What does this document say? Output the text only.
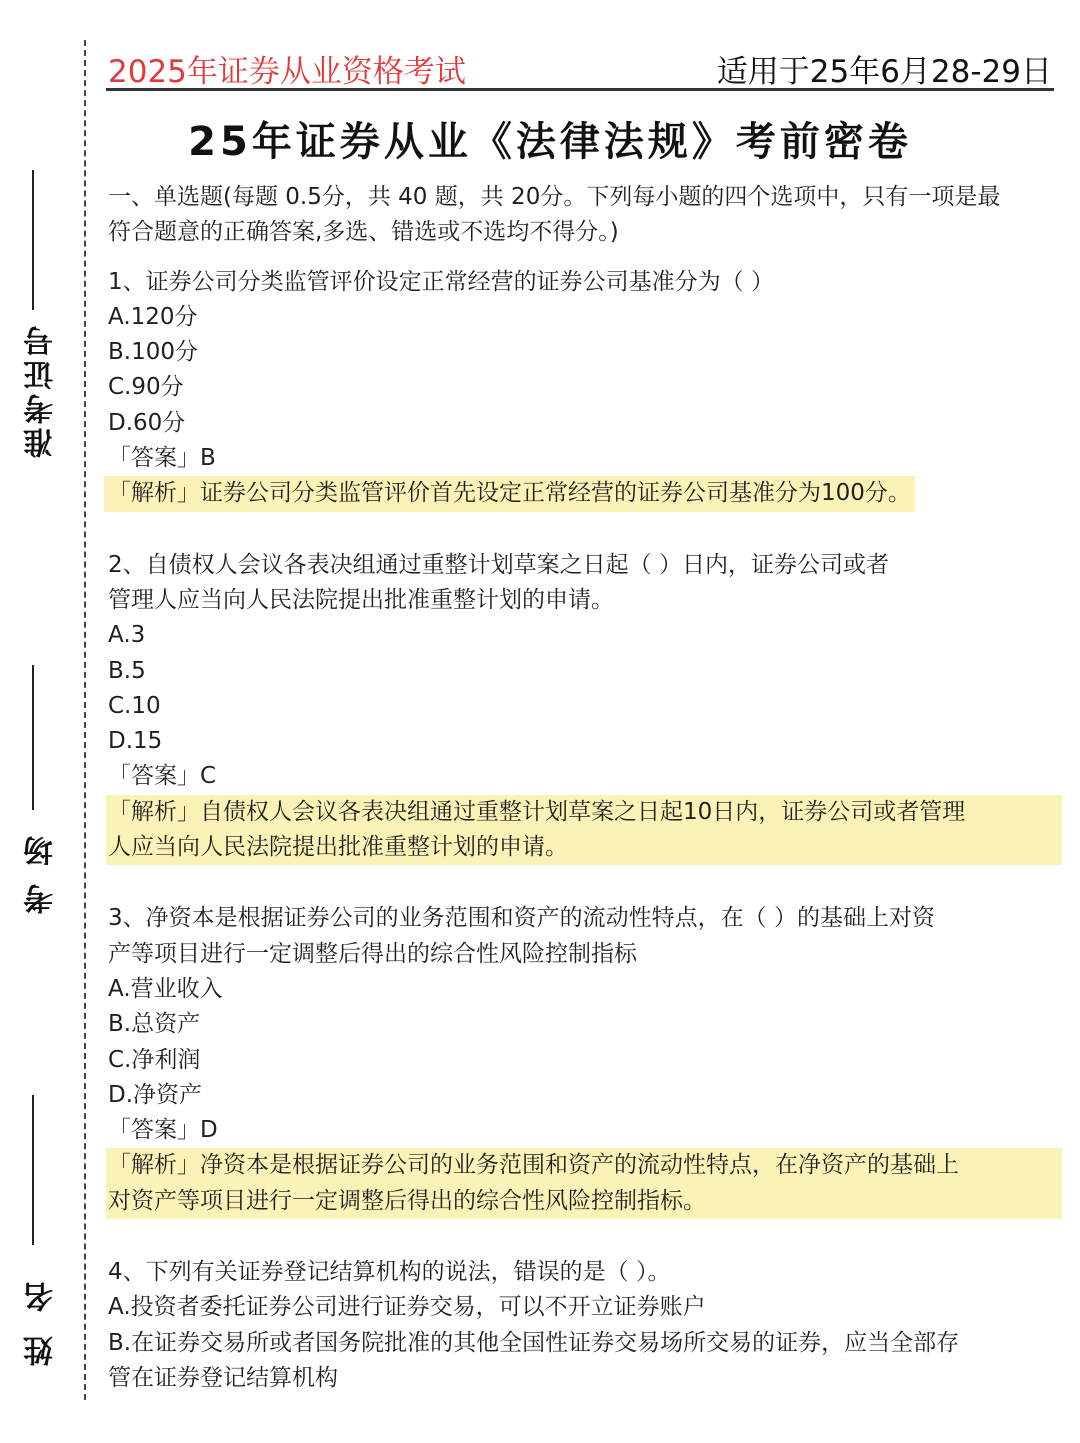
准考证号
考场
姓名
2025年证券从业资格考试	适用于25年6月28-29日
25年证券从业《法律法规》考前密卷
一、单选题(每题 0.5分，共 40 题，共 20分。下列每小题的四个选项中，只有一项是最
符合题意的正确答案,多选、错选或不选均不得分。)
1、证券公司分类监管评价设定正常经营的证券公司基准分为（ ）
A.120分
B.100分
C.90分
D.60分
「答案」B
「解析」证券公司分类监管评价首先设定正常经营的证券公司基准分为100分。
2、自债权人会议各表决组通过重整计划草案之日起（ ）日内，证券公司或者
管理人应当向人民法院提出批准重整计划的申请。
A.3
B.5
C.10
D.15
「答案」C
「解析」自债权人会议各表决组通过重整计划草案之日起10日内，证券公司或者管理
人应当向人民法院提出批准重整计划的申请。
3、净资本是根据证券公司的业务范围和资产的流动性特点，在（ ）的基础上对资
产等项目进行一定调整后得出的综合性风险控制指标
A.营业收入
B.总资产
C.净利润
D.净资产
「答案」D
「解析」净资本是根据证券公司的业务范围和资产的流动性特点，在净资产的基础上
对资产等项目进行一定调整后得出的综合性风险控制指标。
4、下列有关证券登记结算机构的说法，错误的是（ ）。
A.投资者委托证券公司进行证券交易，可以不开立证券账户
B.在证券交易所或者国务院批准的其他全国性证券交易场所交易的证券，应当全部存
管在证券登记结算机构
